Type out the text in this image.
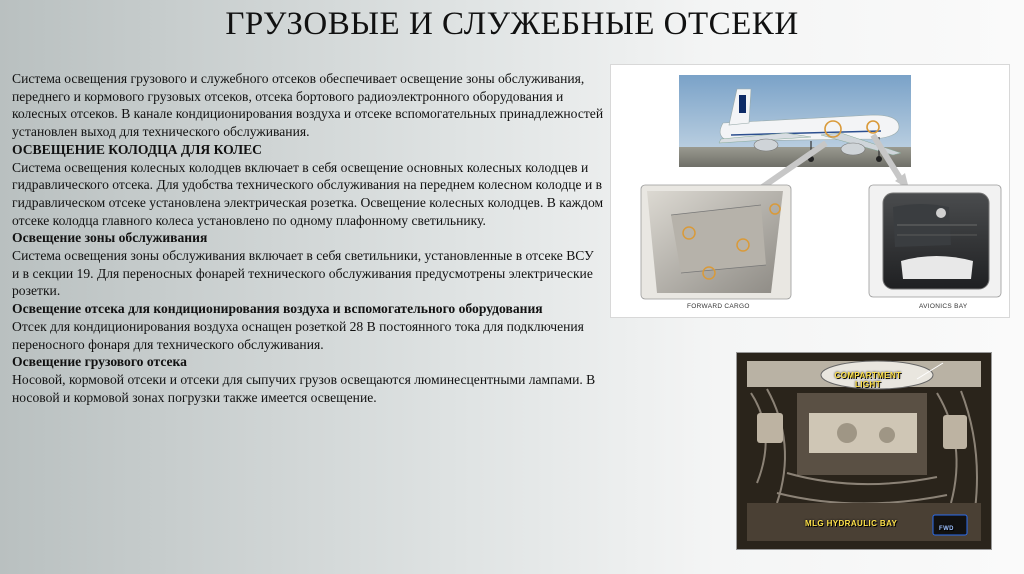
ГРУЗОВЫЕ И СЛУЖЕБНЫЕ ОТСЕКИ

Система освещения грузового и служебного отсеков обеспечивает освещение зоны обслуживания, переднего и кормового грузовых отсеков, отсека бортового радиоэлектронного оборудования и колесных отсеков. В канале кондиционирования воздуха и отсеке вспомогательных принадлежностей установлен выход для технического обслуживания.

ОСВЕЩЕНИЕ КОЛОДЦА ДЛЯ КОЛЕС

Система освещения колесных колодцев включает в себя освещение основных колесных колодцев и гидравлического отсека. Для удобства технического обслуживания на переднем колесном колодце и в гидравлическом отсеке установлена электрическая розетка. Освещение колесных колодцев. В каждом отсеке колодца главного колеса установлено по одному плафонному светильнику.

Освещение зоны обслуживания

Система освещения зоны обслуживания включает в себя светильники, установленные в отсеке ВСУ и в секции 19. Для переносных фонарей технического обслуживания предусмотрены электрические розетки.

Освещение отсека для кондиционирования воздуха и вспомогательного оборудования

Отсек для кондиционирования воздуха оснащен розеткой 28 В постоянного тока для подключения переносного фонаря для технического обслуживания.

Освещение грузового отсека

Носовой, кормовой отсеки и отсеки для сыпучих грузов освещаются люминесцентными лампами. В носовой и кормовой зонах погрузки также имеется освещение.

FORWARD CARGO	AVIONICS BAY
COMPARTMENT
LIGHT
MLG HYDRAULIC BAY
FWD
